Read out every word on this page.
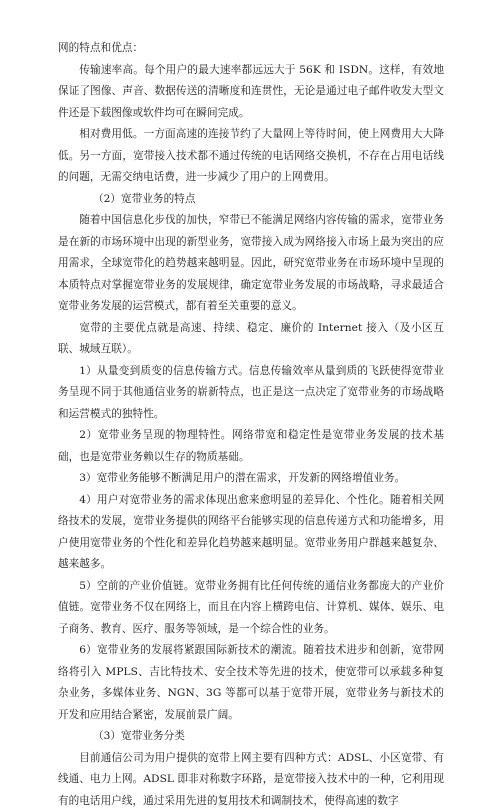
网的特点和优点：

传输速率高。每个用户的最大速率都远远大于 56K 和 ISDN。这样，有效地保证了图像、声音、数据传送的清晰度和连贯性，无论是通过电子邮件收发大型文件还是下载图像或软件均可在瞬间完成。

相对费用低。一方面高速的连接节约了大量网上等待时间，使上网费用大大降低。另一方面，宽带接入技术都不通过传统的电话网络交换机，不存在占用电话线的问题，无需交纳电话费，进一步减少了用户的上网费用。

（2）宽带业务的特点

随着中国信息化步伐的加快，窄带已不能满足网络内容传输的需求，宽带业务是在新的市场环境中出现的新型业务，宽带接入成为网络接入市场上最为突出的应用需求，全球宽带化的趋势越来越明显。因此，研究宽带业务在市场环境中呈现的本质特点对掌握宽带业务的发展规律，确定宽带业务发展的市场战略，寻求最适合宽带业务发展的运营模式，都有着至关重要的意义。

宽带的主要优点就是高速、持续、稳定、廉价的 Internet 接入（及小区互联、城域互联）。

1）从量变到质变的信息传输方式。信息传输效率从量到质的飞跃使得宽带业务呈现不同于其他通信业务的崭新特点，也正是这一点决定了宽带业务的市场战略和运营模式的独特性。

2）宽带业务呈现的物理特性。网络带宽和稳定性是宽带业务发展的技术基础，也是宽带业务赖以生存的物质基础。

3）宽带业务能够不断满足用户的潜在需求，开发新的网络增值业务。

4）用户对宽带业务的需求体现出愈来愈明显的差异化、个性化。随着相关网络技术的发展，宽带业务提供的网络平台能够实现的信息传递方式和功能增多，用户使用宽带业务的个性化和差异化趋势越来越明显。宽带业务用户群越来越复杂、越来越多。

5）空前的产业价值链。宽带业务拥有比任何传统的通信业务都庞大的产业价值链。宽带业务不仅在网络上，而且在内容上横跨电信、计算机、媒体、娱乐、电子商务、教育、医疗、服务等领域，是一个综合性的业务。

6）宽带业务的发展将紧跟国际新技术的潮流。随着技术进步和创新，宽带网络将引入 MPLS、吉比特技术、安全技术等先进的技术，使宽带可以承载多种复杂业务，多媒体业务、NGN、3G 等都可以基于宽带开展，宽带业务与新技术的开发和应用结合紧密，发展前景广阔。

（3）宽带业务分类

目前通信公司为用户提供的宽带上网主要有四种方式：ADSL、小区宽带、有线通、电力上网。ADSL 即非对称数字环路，是宽带接入技术中的一种，它利用现有的电话用户线，通过采用先进的复用技术和调制技术，使得高速的数字
